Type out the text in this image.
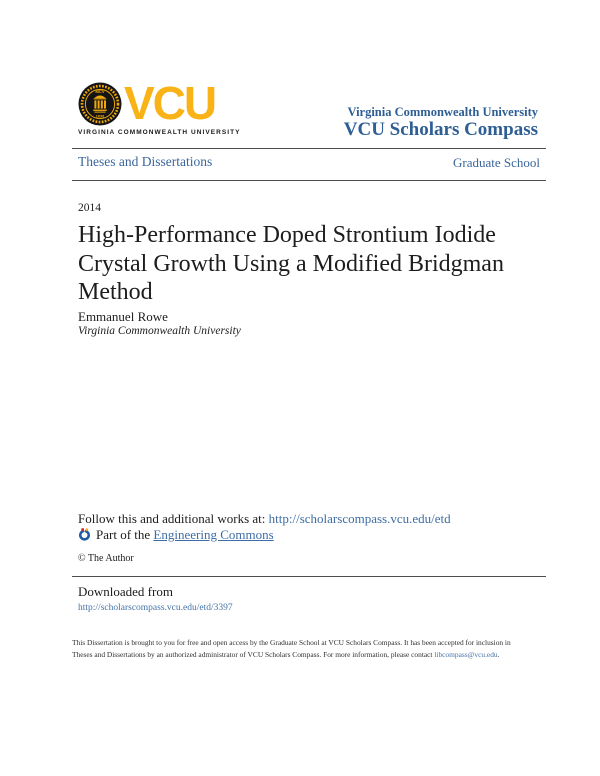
MCV
1838 VCU
VIRGINIA COMMONWEALTH UNIVERSITY
Virginia Commonwealth University
VCU Scholars Compass
Theses and Dissertations	Graduate School
2014
High-Performance Doped Strontium Iodide
Crystal Growth Using a Modified Bridgman
Method
Emmanuel Rowe
Virginia Commonwealth University
Follow this and additional works at: http://scholarscompass.vcu.edu/etd
Part of the Engineering Commons
© The Author
Downloaded from
http://scholarscompass.vcu.edu/etd/3397
This Dissertation is brought to you for free and open access by the Graduate School at VCU Scholars Compass. It has been accepted for inclusion in
Theses and Dissertations by an authorized administrator of VCU Scholars Compass. For more information, please contact libcompass@vcu.edu.
